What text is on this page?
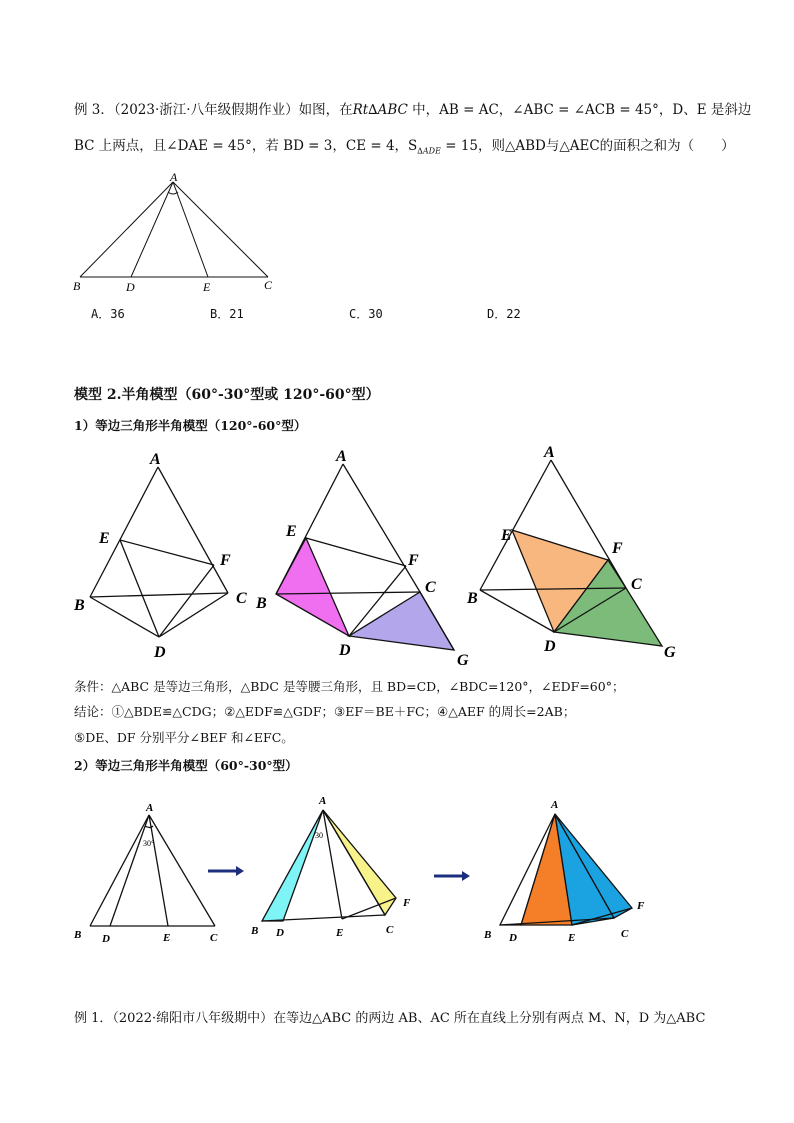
例 3．（2023·浙江·八年级假期作业）如图，在Rt∆ABC 中，AB = AC，∠ABC = ∠ACB = 45°，D、E 是斜边
BC 上两点，且∠DAE = 45°，若 BD = 3，CE = 4，$S_{\Delta ADE} = 15$，则△ABD与△AEC的面积之和为（　　）
A
B	D	E	C
A．36	B．21	C．30	D．22
模型 2.半角模型（60°-30°型或 120°-60°型）
1）等边三角形半角模型（120°-60°型）
A
E
F
B	C
D
A
E
F
B
C
D
G
A
E
F
B
C
D	G
条件：△ABC 是等边三角形，△BDC 是等腰三角形，且 BD=CD，∠BDC=120°，∠EDF=60°；
结论：①△BDE≌△CDG；②△EDF≌△GDF；③EF＝BE＋FC；④△AEF 的周长=2AB；
⑤DE、DF 分别平分∠BEF 和∠EFC。
2）等边三角形半角模型（60°-30°型）
A
30°
B D	E	C
A
30
B D	E	C
F
A
B D	E	C
F
例 1．（2022·绵阳市八年级期中）在等边△ABC 的两边 AB、AC 所在直线上分别有两点 M、N，D 为△ABC
